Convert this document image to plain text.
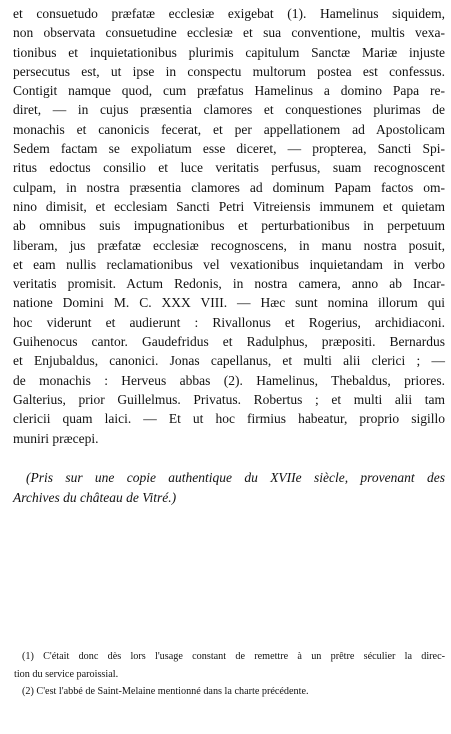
et consuetudo præfatæ ecclesiæ exigebat (1). Hamelinus siquidem,
non observata consuetudine ecclesiæ et sua conventione, multis vexa-
tionibus et inquietationibus plurimis capitulum Sanctæ Mariæ injuste
persecutus est, ut ipse in conspectu multorum postea est confessus.
Contigit namque quod, cum præfatus Hamelinus a domino Papa re-
diret, — in cujus præsentia clamores et conquestiones plurimas de
monachis et canonicis fecerat, et per appellationem ad Apostolicam
Sedem factam se expoliatum esse diceret, — propterea, Sancti Spi-
ritus edoctus consilio et luce veritatis perfusus, suam recognoscent
culpam, in nostra præsentia clamores ad dominum Papam factos om-
nino dimisit, et ecclesiam Sancti Petri Vitreiensis immunem et quietam
ab omnibus suis impugnationibus et perturbationibus in perpetuum
liberam, jus præfatæ ecclesiæ recognoscens, in manu nostra posuit,
et eam nullis reclamationibus vel vexationibus inquietandam in verbo
veritatis promisit. Actum Redonis, in nostra camera, anno ab Incar-
natione Domini M. C. XXX VIII. — Hæc sunt nomina illorum qui
hoc viderunt et audierunt : Rivallonus et Rogerius, archidiaconi.
Guihenocus cantor. Gaudefridus et Radulphus, præpositi. Bernardus
et Enjubaldus, canonici. Jonas capellanus, et multi alii clerici ; —
de monachis : Herveus abbas (2). Hamelinus, Thebaldus, priores.
Galterius, prior Guillelmus. Privatus. Robertus ; et multi alii tam
clericii quam laici. — Et ut hoc firmius habeatur, proprio sigillo
muniri præcepi.
(Pris sur une copie authentique du XVIIe siècle, provenant des
Archives du château de Vitré.)
(1) C'était donc dès lors l'usage constant de remettre à un prêtre séculier la direc-
tion du service paroissial.
(2) C'est l'abbé de Saint-Melaine mentionné dans la charte précédente.
